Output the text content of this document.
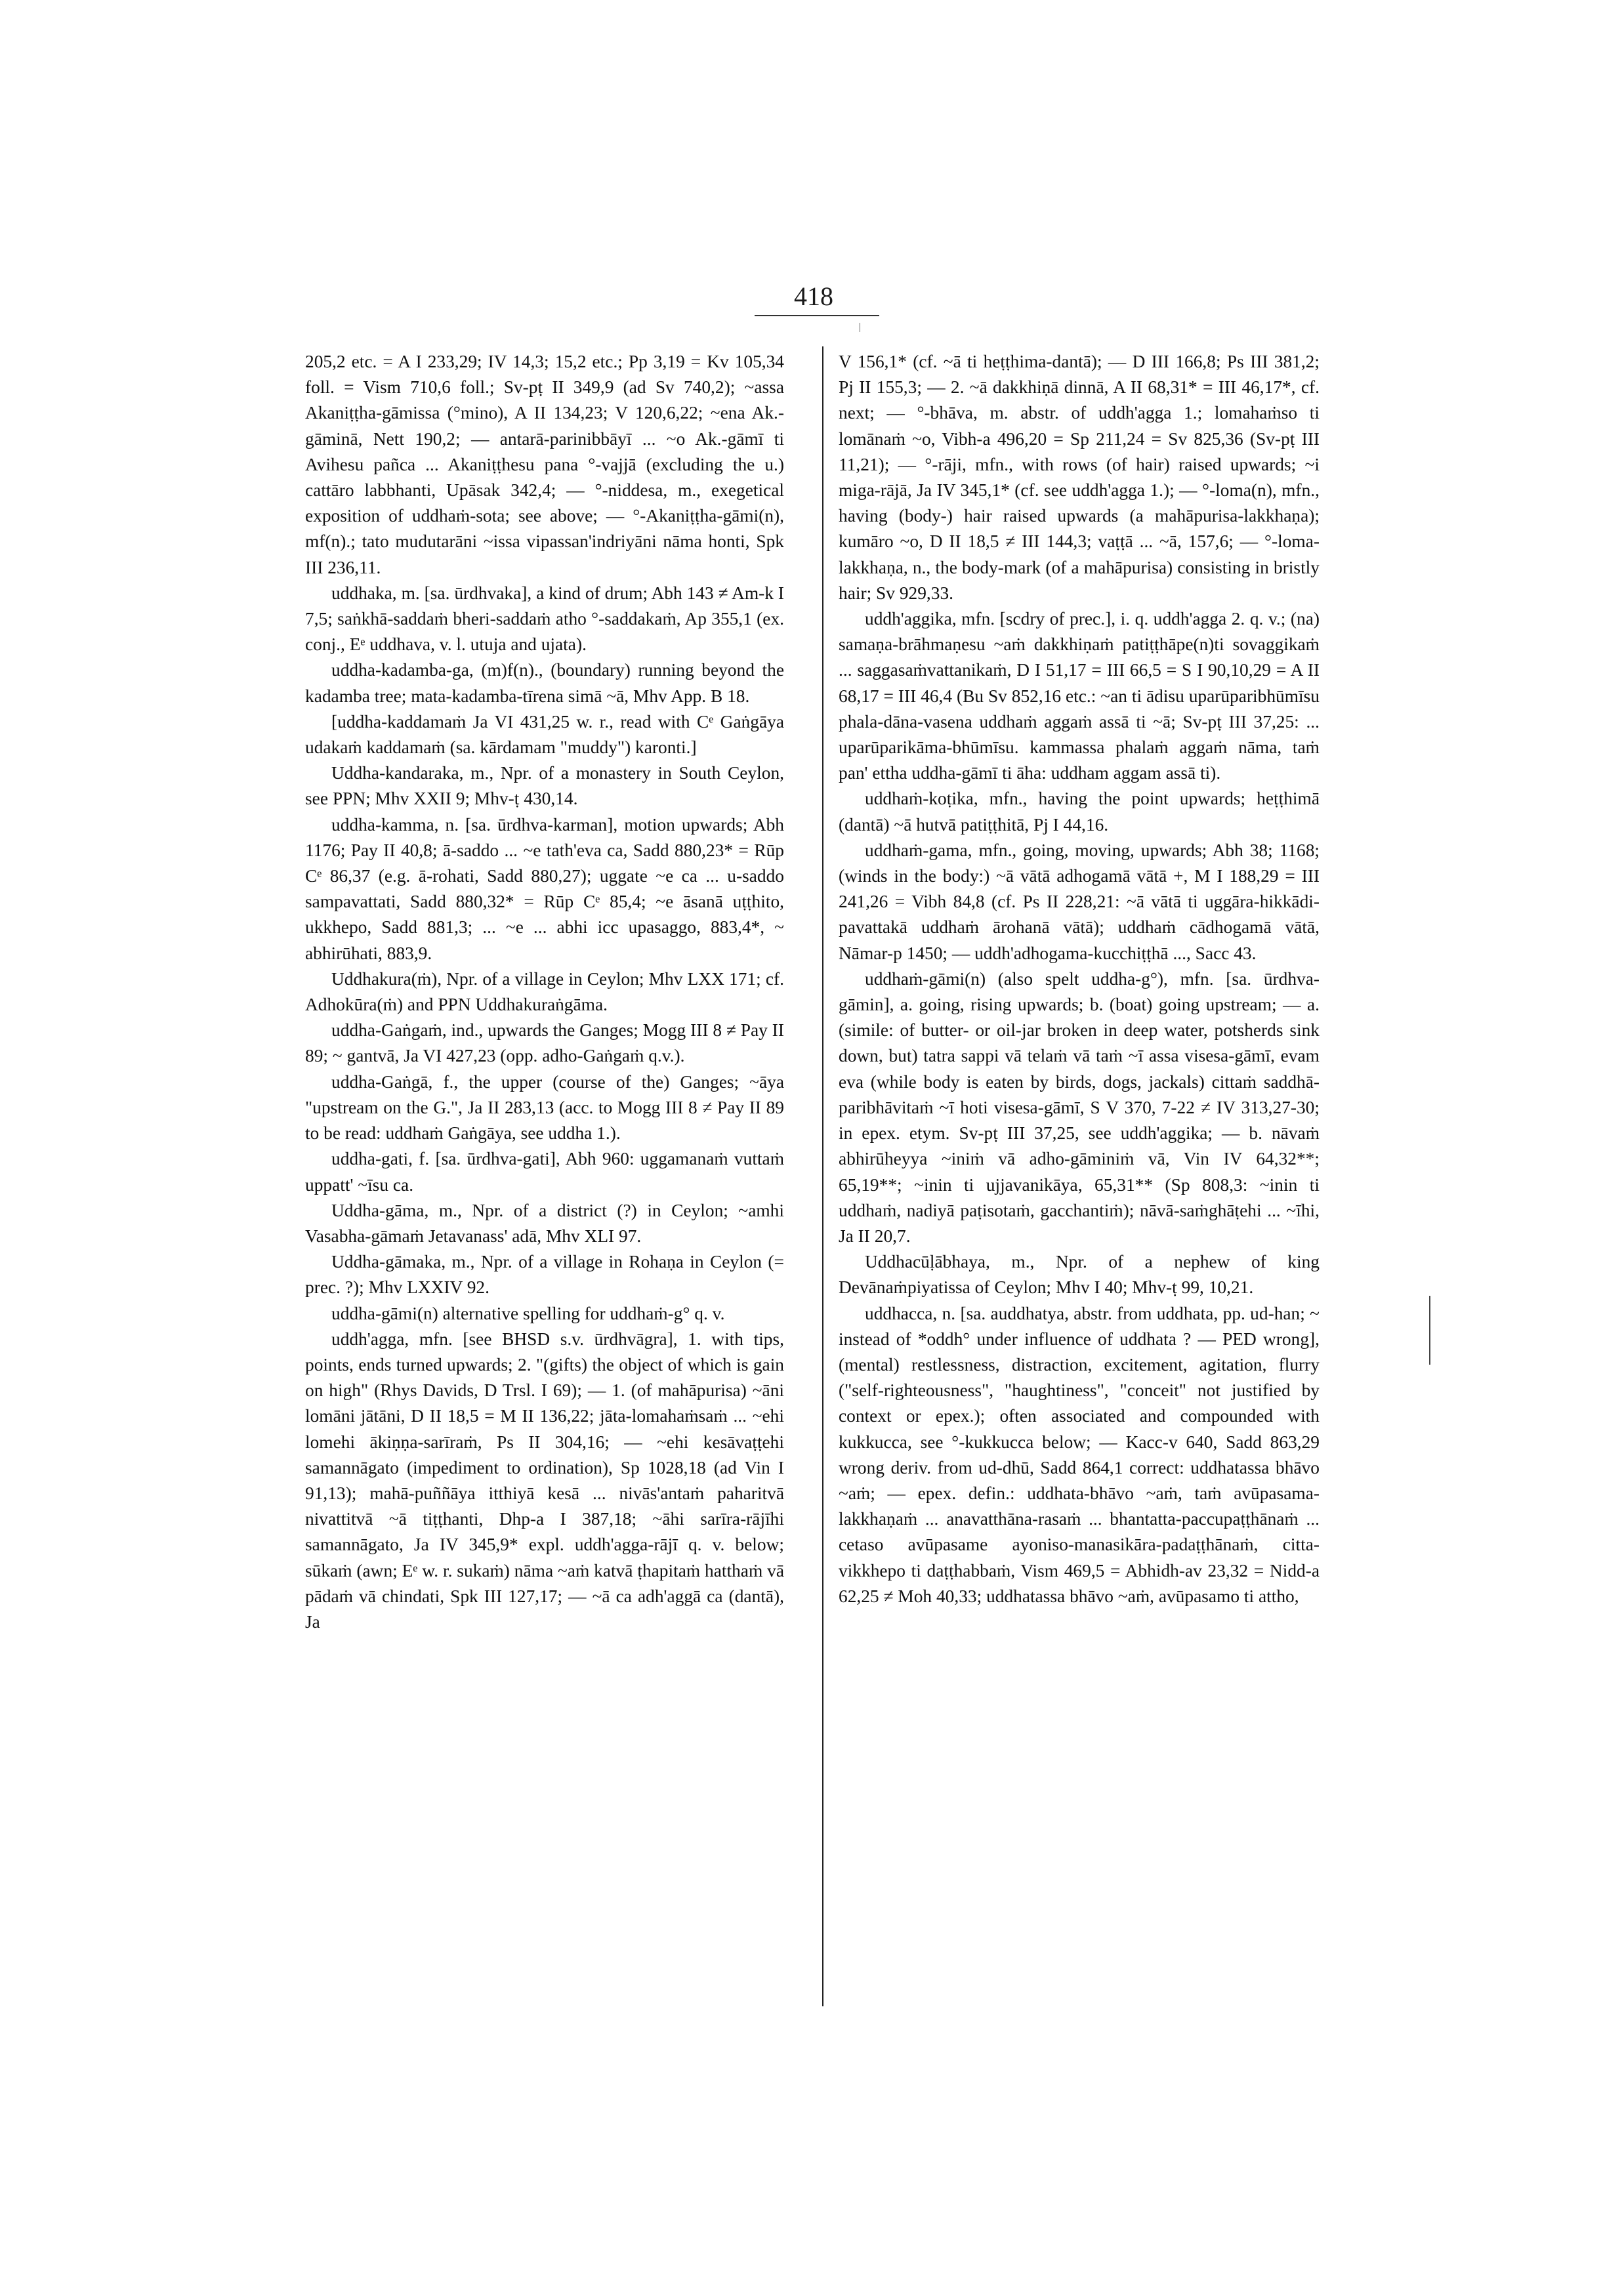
418

205,2 etc. = A I 233,29; IV 14,3; 15,2 etc.; Pp 3,19 = Kv 105,34 foll. = Vism 710,6 foll.; Sv-pṭ II 349,9 (ad Sv 740,2); ~assa Akaniṭṭha-gāmissa (°mino), A II 134,23; V 120,6,22; ~ena Ak.-gāminā, Nett 190,2; — antarā-parinibbāyī ... ~o Ak.-gāmī ti Avihesu pañca ... Akaniṭṭhesu pana °-vajjā (excluding the u.) cattāro labbhanti, Upāsak 342,4; — °-niddesa, m., exegetical exposition of uddhaṁ-sota; see above; — °-Akaniṭṭha-gāmi(n), mf(n).; tato mudutarāni ~issa vipassan'indriyāni nāma honti, Spk III 236,11.

uddhaka, m. [sa. ūrdhvaka], a kind of drum; Abh 143 ≠ Am-k I 7,5; saṅkhā-saddaṁ bheri-saddaṁ atho °-saddakaṁ, Ap 355,1 (ex. conj., Eᵉ uddhava, v. l. utuja and ujata).

uddha-kadamba-ga, (m)f(n)., (boundary) running beyond the kadamba tree; mata-kadamba-tīrena simā ~ā, Mhv App. B 18.

[uddha-kaddamaṁ Ja VI 431,25 w. r., read with Cᵉ Gaṅgāya udakaṁ kaddamaṁ (sa. kārdamam "muddy") karonti.]

Uddha-kandaraka, m., Npr. of a monastery in South Ceylon, see PPN; Mhv XXII 9; Mhv-ṭ 430,14.

uddha-kamma, n. [sa. ūrdhva-karman], motion upwards; Abh 1176; Pay II 40,8; ā-saddo ... ~e tath'eva ca, Sadd 880,23* = Rūp Cᵉ 86,37 (e.g. ā-rohati, Sadd 880,27); uggate ~e ca ... u-saddo sampavattati, Sadd 880,32* = Rūp Cᵉ 85,4; ~e āsanā uṭṭhito, ukkhepo, Sadd 881,3; ... ~e ... abhi icc upasaggo, 883,4*, ~ abhirūhati, 883,9.

Uddhakura(ṁ), Npr. of a village in Ceylon; Mhv LXX 171; cf. Adhokūra(ṁ) and PPN Uddhakuraṅgāma.

uddha-Gaṅgaṁ, ind., upwards the Ganges; Mogg III 8 ≠ Pay II 89; ~ gantvā, Ja VI 427,23 (opp. adho-Gaṅgaṁ q.v.).

uddha-Gaṅgā, f., the upper (course of the) Ganges; ~āya "upstream on the G.", Ja II 283,13 (acc. to Mogg III 8 ≠ Pay II 89 to be read: uddhaṁ Gaṅgāya, see uddha 1.).

uddha-gati, f. [sa. ūrdhva-gati], Abh 960: uggamanaṁ vuttaṁ uppatt' ~īsu ca.

Uddha-gāma, m., Npr. of a district (?) in Ceylon; ~amhi Vasabha-gāmaṁ Jetavanass' adā, Mhv XLI 97.

Uddha-gāmaka, m., Npr. of a village in Rohaṇa in Ceylon (= prec. ?); Mhv LXXIV 92.

uddha-gāmi(n) alternative spelling for uddhaṁ-g° q. v.

uddh'agga, mfn. [see BHSD s.v. ūrdhvāgra], 1. with tips, points, ends turned upwards; 2. "(gifts) the object of which is gain on high" (Rhys Davids, D Trsl. I 69); — 1. (of mahāpurisa) ~āni lomāni jātāni, D II 18,5 = M II 136,22; jāta-lomahaṁsaṁ ... ~ehi lomehi ākiṇṇa-sarīraṁ, Ps II 304,16; — ~ehi kesāvaṭṭehi samannāgato (impediment to ordination), Sp 1028,18 (ad Vin I 91,13); mahā-puññāya itthiyā kesā ... nivās'antaṁ paharitvā nivattitvā ~ā tiṭṭhanti, Dhp-a I 387,18; ~āhi sarīra-rājīhi samannāgato, Ja IV 345,9* expl. uddh'agga-rājī q. v. below; sūkaṁ (awn; Eᵉ w. r. sukaṁ) nāma ~aṁ katvā ṭhapitaṁ hatthaṁ vā pādaṁ vā chindati, Spk III 127,17; — ~ā ca adh'aggā ca (dantā), Ja

V 156,1* (cf. ~ā ti heṭṭhima-dantā); — D III 166,8; Ps III 381,2; Pj II 155,3; — 2. ~ā dakkhiṇā dinnā, A II 68,31* = III 46,17*, cf. next; — °-bhāva, m. abstr. of uddh'agga 1.; lomahaṁso ti lomānaṁ ~o, Vibh-a 496,20 = Sp 211,24 = Sv 825,36 (Sv-pṭ III 11,21); — °-rāji, mfn., with rows (of hair) raised upwards; ~i miga-rājā, Ja IV 345,1* (cf. see uddh'agga 1.); — °-loma(n), mfn., having (body-) hair raised upwards (a mahāpurisa-lakkhaṇa); kumāro ~o, D II 18,5 ≠ III 144,3; vaṭṭā ... ~ā, 157,6; — °-loma-lakkhaṇa, n., the body-mark (of a mahāpurisa) consisting in bristly hair; Sv 929,33.

uddh'aggika, mfn. [scdry of prec.], i. q. uddh'agga 2. q. v.; (na) samaṇa-brāhmaṇesu ~aṁ dakkhiṇaṁ patiṭṭhāpe(n)ti sovaggikaṁ ... saggasaṁvattanikaṁ, D I 51,17 = III 66,5 = S I 90,10,29 = A II 68,17 = III 46,4 (Bu Sv 852,16 etc.: ~an ti ādisu uparūparibhūmīsu phala-dāna-vasena uddhaṁ aggaṁ assā ti ~ā; Sv-pṭ III 37,25: ... uparūparikāma-bhūmīsu. kammassa phalaṁ aggaṁ nāma, taṁ pan' ettha uddha-gāmī ti āha: uddham aggam assā ti).

uddhaṁ-koṭika, mfn., having the point upwards; heṭṭhimā (dantā) ~ā hutvā patiṭṭhitā, Pj I 44,16.

uddhaṁ-gama, mfn., going, moving, upwards; Abh 38; 1168; (winds in the body:) ~ā vātā adhogamā vātā +, M I 188,29 = III 241,26 = Vibh 84,8 (cf. Ps II 228,21: ~ā vātā ti uggāra-hikkādi-pavattakā uddhaṁ ārohanā vātā); uddhaṁ cādhogamā vātā, Nāmar-p 1450; — uddh'adhogama-kucchiṭṭhā ..., Sacc 43.

uddhaṁ-gāmi(n) (also spelt uddha-g°), mfn. [sa. ūrdhva-gāmin], a. going, rising upwards; b. (boat) going upstream; — a. (simile: of butter- or oil-jar broken in deep water, potsherds sink down, but) tatra sappi vā telaṁ vā taṁ ~ī assa visesa-gāmī, evam eva (while body is eaten by birds, dogs, jackals) cittaṁ saddhā-paribhāvitaṁ ~ī hoti visesa-gāmī, S V 370, 7-22 ≠ IV 313,27-30; in epex. etym. Sv-pṭ III 37,25, see uddh'aggika; — b. nāvaṁ abhirūheyya ~iniṁ vā adho-gāminiṁ vā, Vin IV 64,32**; 65,19**; ~inin ti ujjavanikāya, 65,31** (Sp 808,3: ~inin ti uddhaṁ, nadiyā paṭisotaṁ, gacchantiṁ); nāvā-saṁghāṭehi ... ~īhi, Ja II 20,7.

Uddhacūḷābhaya, m., Npr. of a nephew of king Devānaṁpiyatissa of Ceylon; Mhv I 40; Mhv-ṭ 99, 10,21.

uddhacca, n. [sa. auddhatya, abstr. from uddhata, pp. ud-han; ~ instead of *oddh° under influence of uddhata ? — PED wrong], (mental) restlessness, distraction, excitement, agitation, flurry ("self-righteousness", "haughtiness", "conceit" not justified by context or epex.); often associated and compounded with kukkucca, see °-kukkucca below; — Kacc-v 640, Sadd 863,29 wrong deriv. from ud-dhū, Sadd 864,1 correct: uddhatassa bhāvo ~aṁ; — epex. defin.: uddhata-bhāvo ~aṁ, taṁ avūpasama-lakkhaṇaṁ ... anavatthāna-rasaṁ ... bhantatta-paccupaṭṭhānaṁ ... cetaso avūpasame ayoniso-manasikāra-padaṭṭhānaṁ, citta-vikkhepo ti daṭṭhabbaṁ, Vism 469,5 = Abhidh-av 23,32 = Nidd-a 62,25 ≠ Moh 40,33; uddhatassa bhāvo ~aṁ, avūpasamo ti attho,
